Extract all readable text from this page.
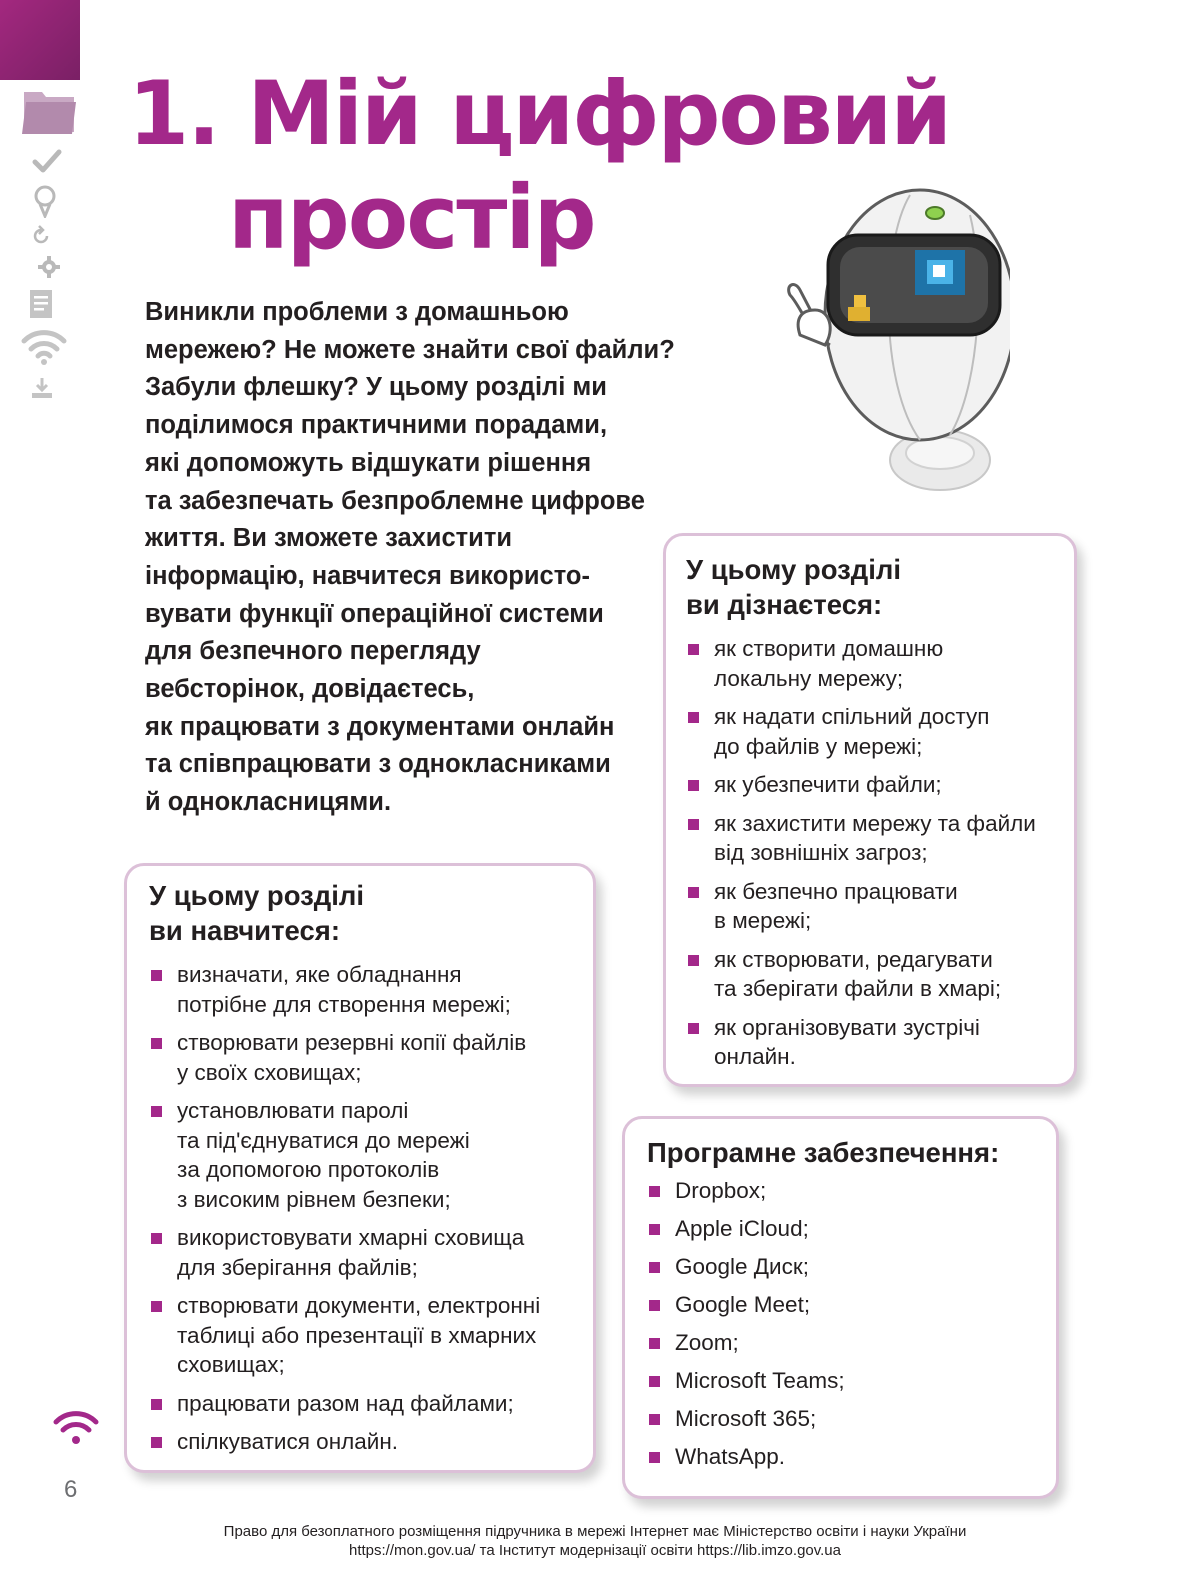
1. Мій цифровий
простір

Виникли проблеми з домашньою
мережею? Не можете знайти свої файли?
Забули флешку? У цьому розділі ми
поділимося практичними порадами,
які допоможуть відшукати рішення
та забезпечать безпроблемне цифрове
життя. Ви зможете захистити
інформацію, навчитеся використо-
вувати функції операційної системи
для безпечного перегляду
вебсторінок, довідаєтесь,
як працювати з документами онлайн
та співпрацювати з однокласниками
й однокласницями.

У цьому розділі
ви навчитеся:
визначати, яке обладнання
потрібне для створення мережі;
створювати резервні копії файлів
у своїх сховищах;
установлювати паролі
та під'єднуватися до мережі
за допомогою протоколів
з високим рівнем безпеки;
використовувати хмарні сховища
для зберігання файлів;
створювати документи, електронні
таблиці або презентації в хмарних
сховищах;
працювати разом над файлами;
спілкуватися онлайн.
У цьому розділі
ви дізнаєтеся:
як створити домашню
локальну мережу;
як надати спільний доступ
до файлів у мережі;
як убезпечити файли;
як захистити мережу та файли
від зовнішніх загроз;
як безпечно працювати
в мережі;
як створювати, редагувати
та зберігати файли в хмарі;
як організовувати зустрічі
онлайн.
Програмне забезпечення:
Dropbox;
Apple iCloud;
Google Диск;
Google Meet;
Zoom;
Microsoft Teams;
Microsoft 365;
WhatsApp.
6
Право для безоплатного розміщення підручника в мережі Інтернет має Міністерство освіти і науки України
https://mon.gov.ua/ та Інститут модернізації освіти https://lib.imzo.gov.ua
